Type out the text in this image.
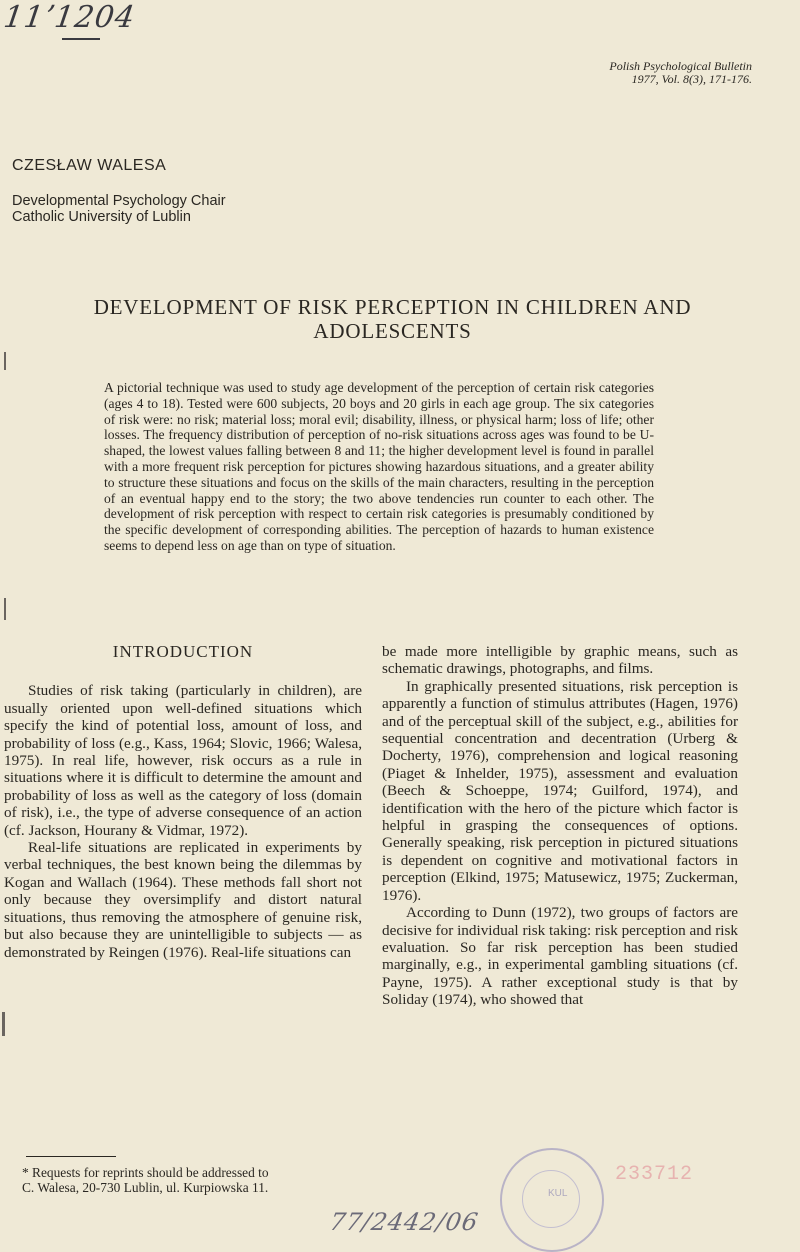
11ʼ1204
Polish Psychological Bulletin
1977, Vol. 8(3), 171-176.
CZESŁAW WALESA
Developmental Psychology Chair
Catholic University of Lublin
DEVELOPMENT OF RISK PERCEPTION IN CHILDREN AND ADOLESCENTS
A pictorial technique was used to study age development of the perception of certain risk categories (ages 4 to 18). Tested were 600 subjects, 20 boys and 20 girls in each age group. The six categories of risk were: no risk; material loss; moral evil; disability, illness, or physical harm; loss of life; other losses. The frequency distribution of perception of no-risk situations across ages was found to be U-shaped, the lowest values falling between 8 and 11; the higher development level is found in parallel with a more frequent risk perception for pictures showing hazardous situations, and a greater ability to structure these situations and focus on the skills of the main characters, resulting in the perception of an eventual happy end to the story; the two above tendencies run counter to each other. The development of risk perception with respect to certain risk categories is presumably conditioned by the specific development of corresponding abilities. The perception of hazards to human existence seems to depend less on age than on type of situation.
INTRODUCTION

Studies of risk taking (particularly in children), are usually oriented upon well-defined situations which specify the kind of potential loss, amount of loss, and probability of loss (e.g., Kass, 1964; Slovic, 1966; Walesa, 1975). In real life, however, risk occurs as a rule in situations where it is difficult to determine the amount and probability of loss as well as the category of loss (domain of risk), i.e., the type of adverse consequence of an action (cf. Jackson, Hourany & Vidmar, 1972).

Real-life situations are replicated in experiments by verbal techniques, the best known being the dilemmas by Kogan and Wallach (1964). These methods fall short not only because they oversimplify and distort natural situations, thus removing the atmosphere of genuine risk, but also because they are unintelligible to subjects — as demonstrated by Reingen (1976). Real-life situations can

be made more intelligible by graphic means, such as schematic drawings, photographs, and films.

In graphically presented situations, risk perception is apparently a function of stimulus attributes (Hagen, 1976) and of the perceptual skill of the subject, e.g., abilities for sequential concentration and decentration (Urberg & Docherty, 1976), comprehension and logical reasoning (Piaget & Inhelder, 1975), assessment and evaluation (Beech & Schoeppe, 1974; Guilford, 1974), and identification with the hero of the picture which factor is helpful in grasping the consequences of options. Generally speaking, risk perception in pictured situations is dependent on cognitive and motivational factors in perception (Elkind, 1975; Matusewicz, 1975; Zuckerman, 1976).

According to Dunn (1972), two groups of factors are decisive for individual risk taking: risk perception and risk evaluation. So far risk perception has been studied marginally, e.g., in experimental gambling situations (cf. Payne, 1975). A rather exceptional study is that by Soliday (1974), who showed that

* Requests for reprints should be addressed to
C. Walesa, 20-730 Lublin, ul. Kurpiowska 11.
77/2442/06
KUL
233712
